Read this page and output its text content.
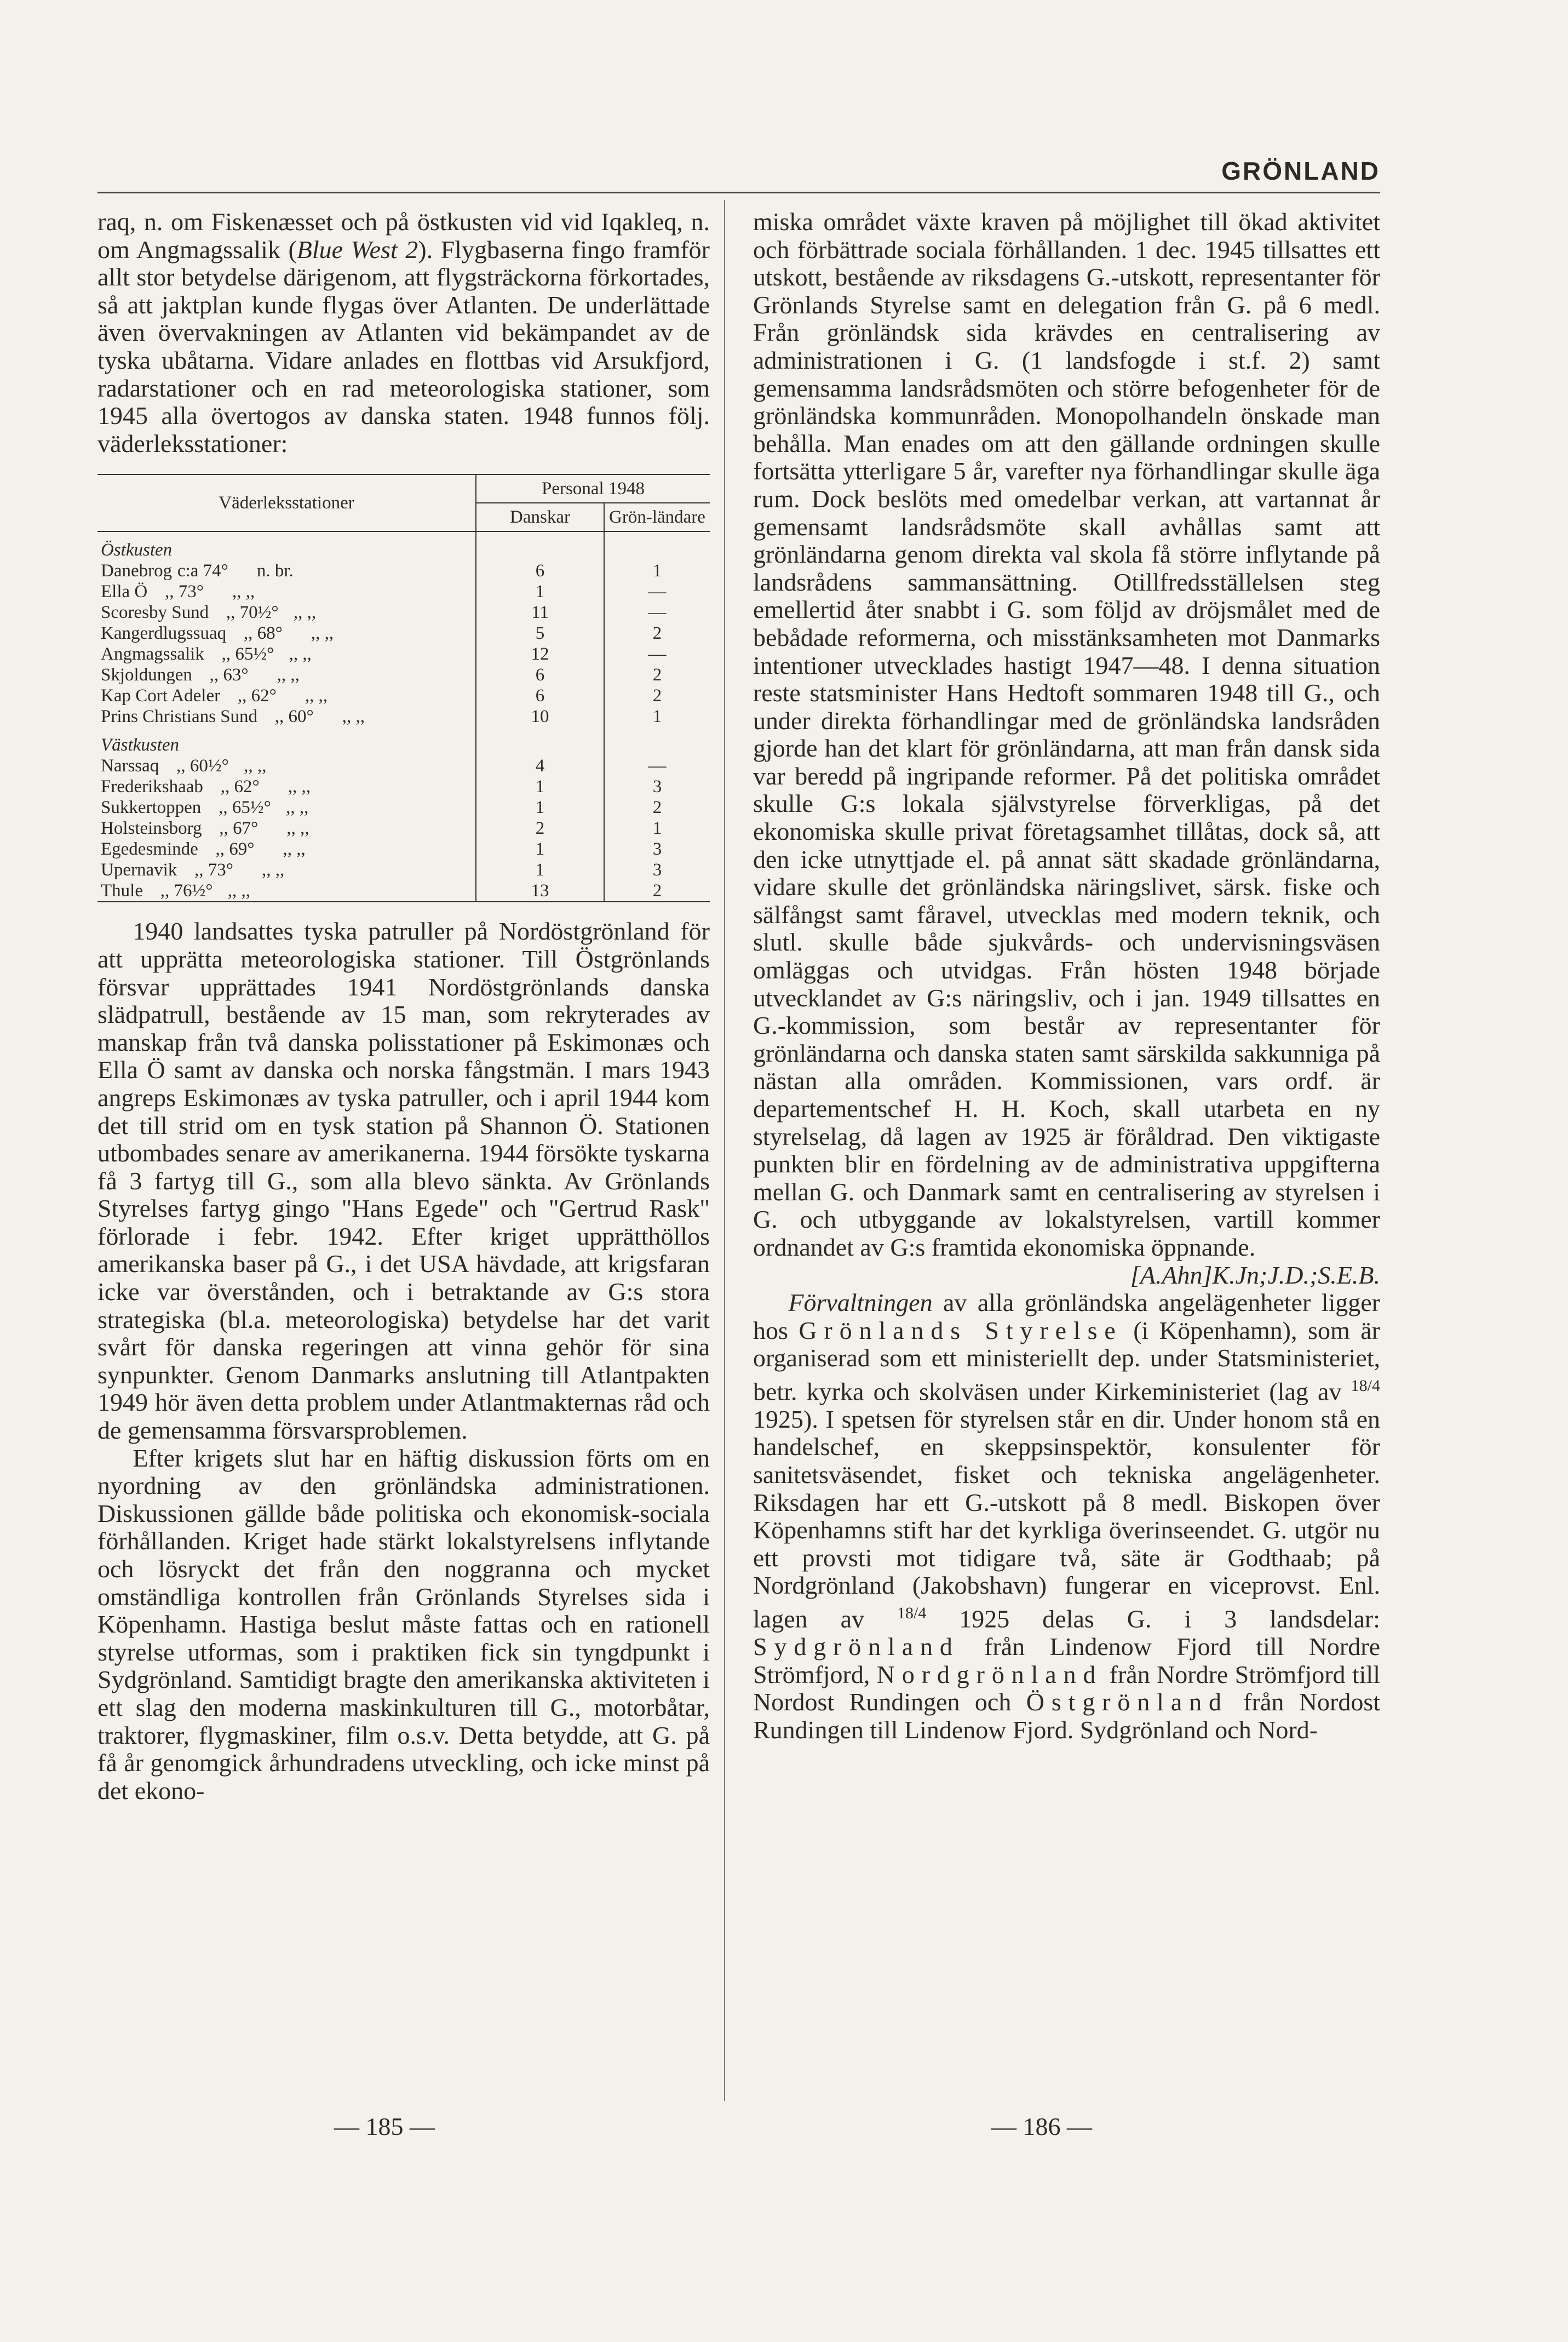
GRÖNLAND

raq, n. om Fiskenæsset och på östkusten vid vid Iqakleq, n. om Angmagssalik (Blue West 2). Flygbaserna fingo framför allt stor betydelse därigenom, att flygsträckorna förkortades, så att jaktplan kunde flygas över Atlanten. De underlättade även övervakningen av Atlanten vid bekämpandet av de tyska ubåtarna. Vidare anlades en flottbas vid Arsukfjord, radarstationer och en rad meteorologiska stationer, som 1945 alla övertogos av danska staten. 1948 funnos följ. väderleksstationer:

Väderleksstationer	Personal 1948	
	Danskar	Grön-ländare
Östkusten		
Danebrog c:a 74° n. br.	6	1
Ella Ö ,, 73° ,, ,,	1	—
Scoresby Sund ,, 70½° ,, ,,	11	—
Kangerdlugssuaq ,, 68° ,, ,,	5	2
Angmagssalik ,, 65½° ,, ,,	12	—
Skjoldungen ,, 63° ,, ,,	6	2
Kap Cort Adeler ,, 62° ,, ,,	6	2
Prins Christians Sund ,, 60° ,, ,,	10	1
Västkusten		
Narssaq ,, 60½° ,, ,,	4	—
Frederikshaab ,, 62° ,, ,,	1	3
Sukkertoppen ,, 65½° ,, ,,	1	2
Holsteinsborg ,, 67° ,, ,,	2	1
Egedesminde ,, 69° ,, ,,	1	3
Upernavik ,, 73° ,, ,,	1	3
Thule ,, 76½° ,, ,,	13	2

1940 landsattes tyska patruller på Nordöstgrönland för att upprätta meteorologiska stationer. Till Östgrönlands försvar upprättades 1941 Nordöstgrönlands danska slädpatrull, bestående av 15 man, som rekryterades av manskap från två danska polisstationer på Eskimonæs och Ella Ö samt av danska och norska fångstmän. I mars 1943 angreps Eskimonæs av tyska patruller, och i april 1944 kom det till strid om en tysk station på Shannon Ö. Stationen utbombades senare av amerikanerna. 1944 försökte tyskarna få 3 fartyg till G., som alla blevo sänkta. Av Grönlands Styrelses fartyg gingo "Hans Egede" och "Gertrud Rask" förlorade i febr. 1942. Efter kriget upprätthöllos amerikanska baser på G., i det USA hävdade, att krigsfaran icke var överstånden, och i betraktande av G:s stora strategiska (bl.a. meteorologiska) betydelse har det varit svårt för danska regeringen att vinna gehör för sina synpunkter. Genom Danmarks anslutning till Atlantpakten 1949 hör även detta problem under Atlantmakternas råd och de gemensamma försvarsproblemen.

Efter krigets slut har en häftig diskussion förts om en nyordning av den grönländska administrationen. Diskussionen gällde både politiska och ekonomisk-sociala förhållanden. Kriget hade stärkt lokalstyrelsens inflytande och lösryckt det från den noggranna och mycket omständliga kontrollen från Grönlands Styrelses sida i Köpenhamn. Hastiga beslut måste fattas och en rationell styrelse utformas, som i praktiken fick sin tyngdpunkt i Sydgrönland. Samtidigt bragte den amerikanska aktiviteten i ett slag den moderna maskinkulturen till G., motorbåtar, traktorer, flygmaskiner, film o.s.v. Detta betydde, att G. på få år genomgick århundradens utveckling, och icke minst på det ekono-

miska området växte kraven på möjlighet till ökad aktivitet och förbättrade sociala förhållanden. 1 dec. 1945 tillsattes ett utskott, bestående av riksdagens G.-utskott, representanter för Grönlands Styrelse samt en delegation från G. på 6 medl. Från grönländsk sida krävdes en centralisering av administrationen i G. (1 landsfogde i st.f. 2) samt gemensamma landsrådsmöten och större befogenheter för de grönländska kommunråden. Monopolhandeln önskade man behålla. Man enades om att den gällande ordningen skulle fortsätta ytterligare 5 år, varefter nya förhandlingar skulle äga rum. Dock beslöts med omedelbar verkan, att vartannat år gemensamt landsrådsmöte skall avhållas samt att grönländarna genom direkta val skola få större inflytande på landsrådens sammansättning. Otillfredsställelsen steg emellertid åter snabbt i G. som följd av dröjsmålet med de bebådade reformerna, och misstänksamheten mot Danmarks intentioner utvecklades hastigt 1947—48. I denna situation reste statsminister Hans Hedtoft sommaren 1948 till G., och under direkta förhandlingar med de grönländska landsråden gjorde han det klart för grönländarna, att man från dansk sida var beredd på ingripande reformer. På det politiska området skulle G:s lokala självstyrelse förverkligas, på det ekonomiska skulle privat företagsamhet tillåtas, dock så, att den icke utnyttjade el. på annat sätt skadade grönländarna, vidare skulle det grönländska näringslivet, särsk. fiske och sälfångst samt fåravel, utvecklas med modern teknik, och slutl. skulle både sjukvårds- och undervisningsväsen omläggas och utvidgas. Från hösten 1948 började utvecklandet av G:s näringsliv, och i jan. 1949 tillsattes en G.-kommission, som består av representanter för grönländarna och danska staten samt särskilda sakkunniga på nästan alla områden. Kommissionen, vars ordf. är departementschef H. H. Koch, skall utarbeta en ny styrelselag, då lagen av 1925 är föråldrad. Den viktigaste punkten blir en fördelning av de administrativa uppgifterna mellan G. och Danmark samt en centralisering av styrelsen i G. och utbyggande av lokalstyrelsen, vartill kommer ordnandet av G:s framtida ekonomiska öppnande.

[A.Ahn]K.Jn;J.D.;S.E.B.

Förvaltningen av alla grönländska angelägenheter ligger hos Grönlands Styrelse (i Köpenhamn), som är organiserad som ett ministeriellt dep. under Statsministeriet, betr. kyrka och skolväsen under Kirkeministeriet (lag av $^{18/4}$ 1925). I spetsen för styrelsen står en dir. Under honom stå en handelschef, en skeppsinspektör, konsulenter för sanitetsväsendet, fisket och tekniska angelägenheter. Riksdagen har ett G.-utskott på 8 medl. Biskopen över Köpenhamns stift har det kyrkliga överinseendet. G. utgör nu ett provsti mot tidigare två, säte är Godthaab; på Nordgrönland (Jakobshavn) fungerar en viceprovst. Enl. lagen av $^{18/4}$ 1925 delas G. i 3 landsdelar: Sydgrönland från Lindenow Fjord till Nordre Strömfjord, Nordgrönland från Nordre Strömfjord till Nordost Rundingen och Östgrönland från Nordost Rundingen till Lindenow Fjord. Sydgrönland och Nord-

— 185 —	— 186 —
